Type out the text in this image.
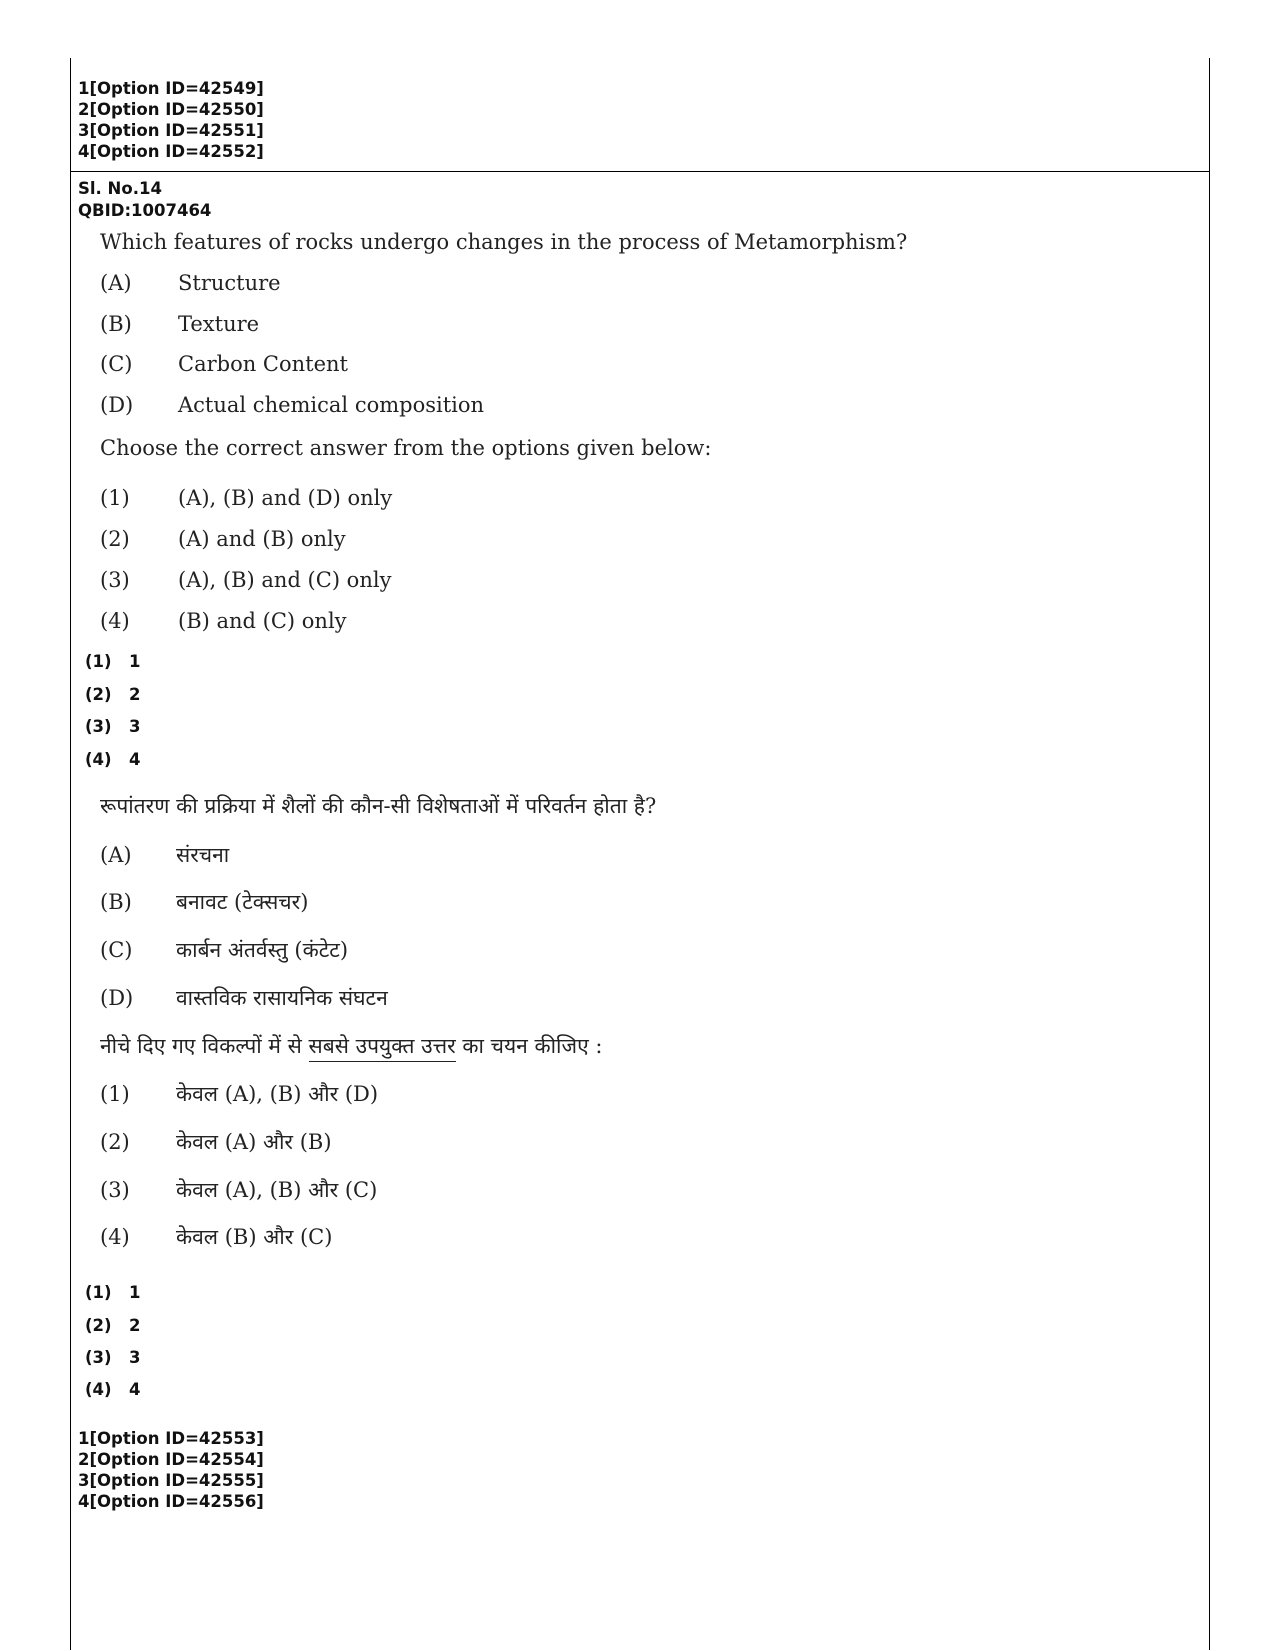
1[Option ID=42549]
2[Option ID=42550]
3[Option ID=42551]
4[Option ID=42552]
Sl. No.14
QBID:1007464
Which features of rocks undergo changes in the process of Metamorphism?
(A) Structure
(B) Texture
(C) Carbon Content
(D) Actual chemical composition
Choose the correct answer from the options given below:
(1) (A), (B) and (D) only
(2) (A) and (B) only
(3) (A), (B) and (C) only
(4) (B) and (C) only
(1) 1
(2) 2
(3) 3
(4) 4
रूपांतरण की प्रक्रिया में शैलों की कौन-सी विशेषताओं में परिवर्तन होता है?
(A) संरचना
(B) बनावट (टेक्सचर)
(C) कार्बन अंतर्वस्तु (कंटेट)
(D) वास्तविक रासायनिक संघटन
नीचे दिए गए विकल्पों में से सबसे उपयुक्त उत्तर का चयन कीजिए :
(1) केवल (A), (B) और (D)
(2) केवल (A) और (B)
(3) केवल (A), (B) और (C)
(4) केवल (B) और (C)
(1) 1
(2) 2
(3) 3
(4) 4
1[Option ID=42553]
2[Option ID=42554]
3[Option ID=42555]
4[Option ID=42556]
